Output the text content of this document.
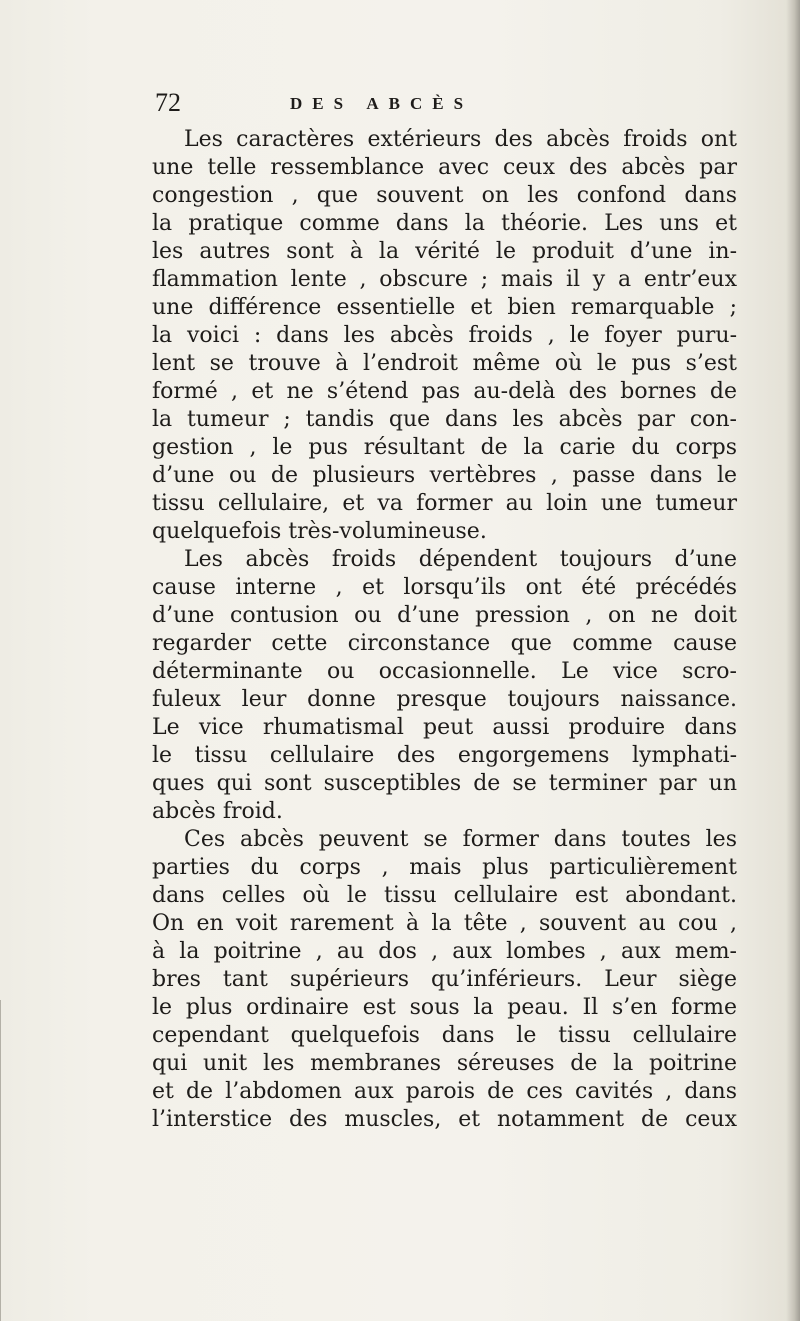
72	DES ABCÈS
Les caractères extérieurs des abcès froids ont
une telle ressemblance avec ceux des abcès par
congestion , que souvent on les confond dans
la pratique comme dans la théorie. Les uns et
les autres sont à la vérité le produit d’une in-
flammation lente , obscure ; mais il y a entr’eux
une différence essentielle et bien remarquable ;
la voici : dans les abcès froids , le foyer puru-
lent se trouve à l’endroit même où le pus s’est
formé , et ne s’étend pas au-delà des bornes de
la tumeur ; tandis que dans les abcès par con-
gestion , le pus résultant de la carie du corps
d’une ou de plusieurs vertèbres , passe dans le
tissu cellulaire, et va former au loin une tumeur
quelquefois très-volumineuse.
Les abcès froids dépendent toujours d’une
cause interne , et lorsqu’ils ont été précédés
d’une contusion ou d’une pression , on ne doit
regarder cette circonstance que comme cause
déterminante ou occasionnelle. Le vice scro-
fuleux leur donne presque toujours naissance.
Le vice rhumatismal peut aussi produire dans
le tissu cellulaire des engorgemens lymphati-
ques qui sont susceptibles de se terminer par un
abcès froid.
Ces abcès peuvent se former dans toutes les
parties du corps , mais plus particulièrement
dans celles où le tissu cellulaire est abondant.
On en voit rarement à la tête , souvent au cou ,
à la poitrine , au dos , aux lombes , aux mem-
bres tant supérieurs qu’inférieurs. Leur siège
le plus ordinaire est sous la peau. Il s’en forme
cependant quelquefois dans le tissu cellulaire
qui unit les membranes séreuses de la poitrine
et de l’abdomen aux parois de ces cavités , dans
l’interstice des muscles, et notamment de ceux
